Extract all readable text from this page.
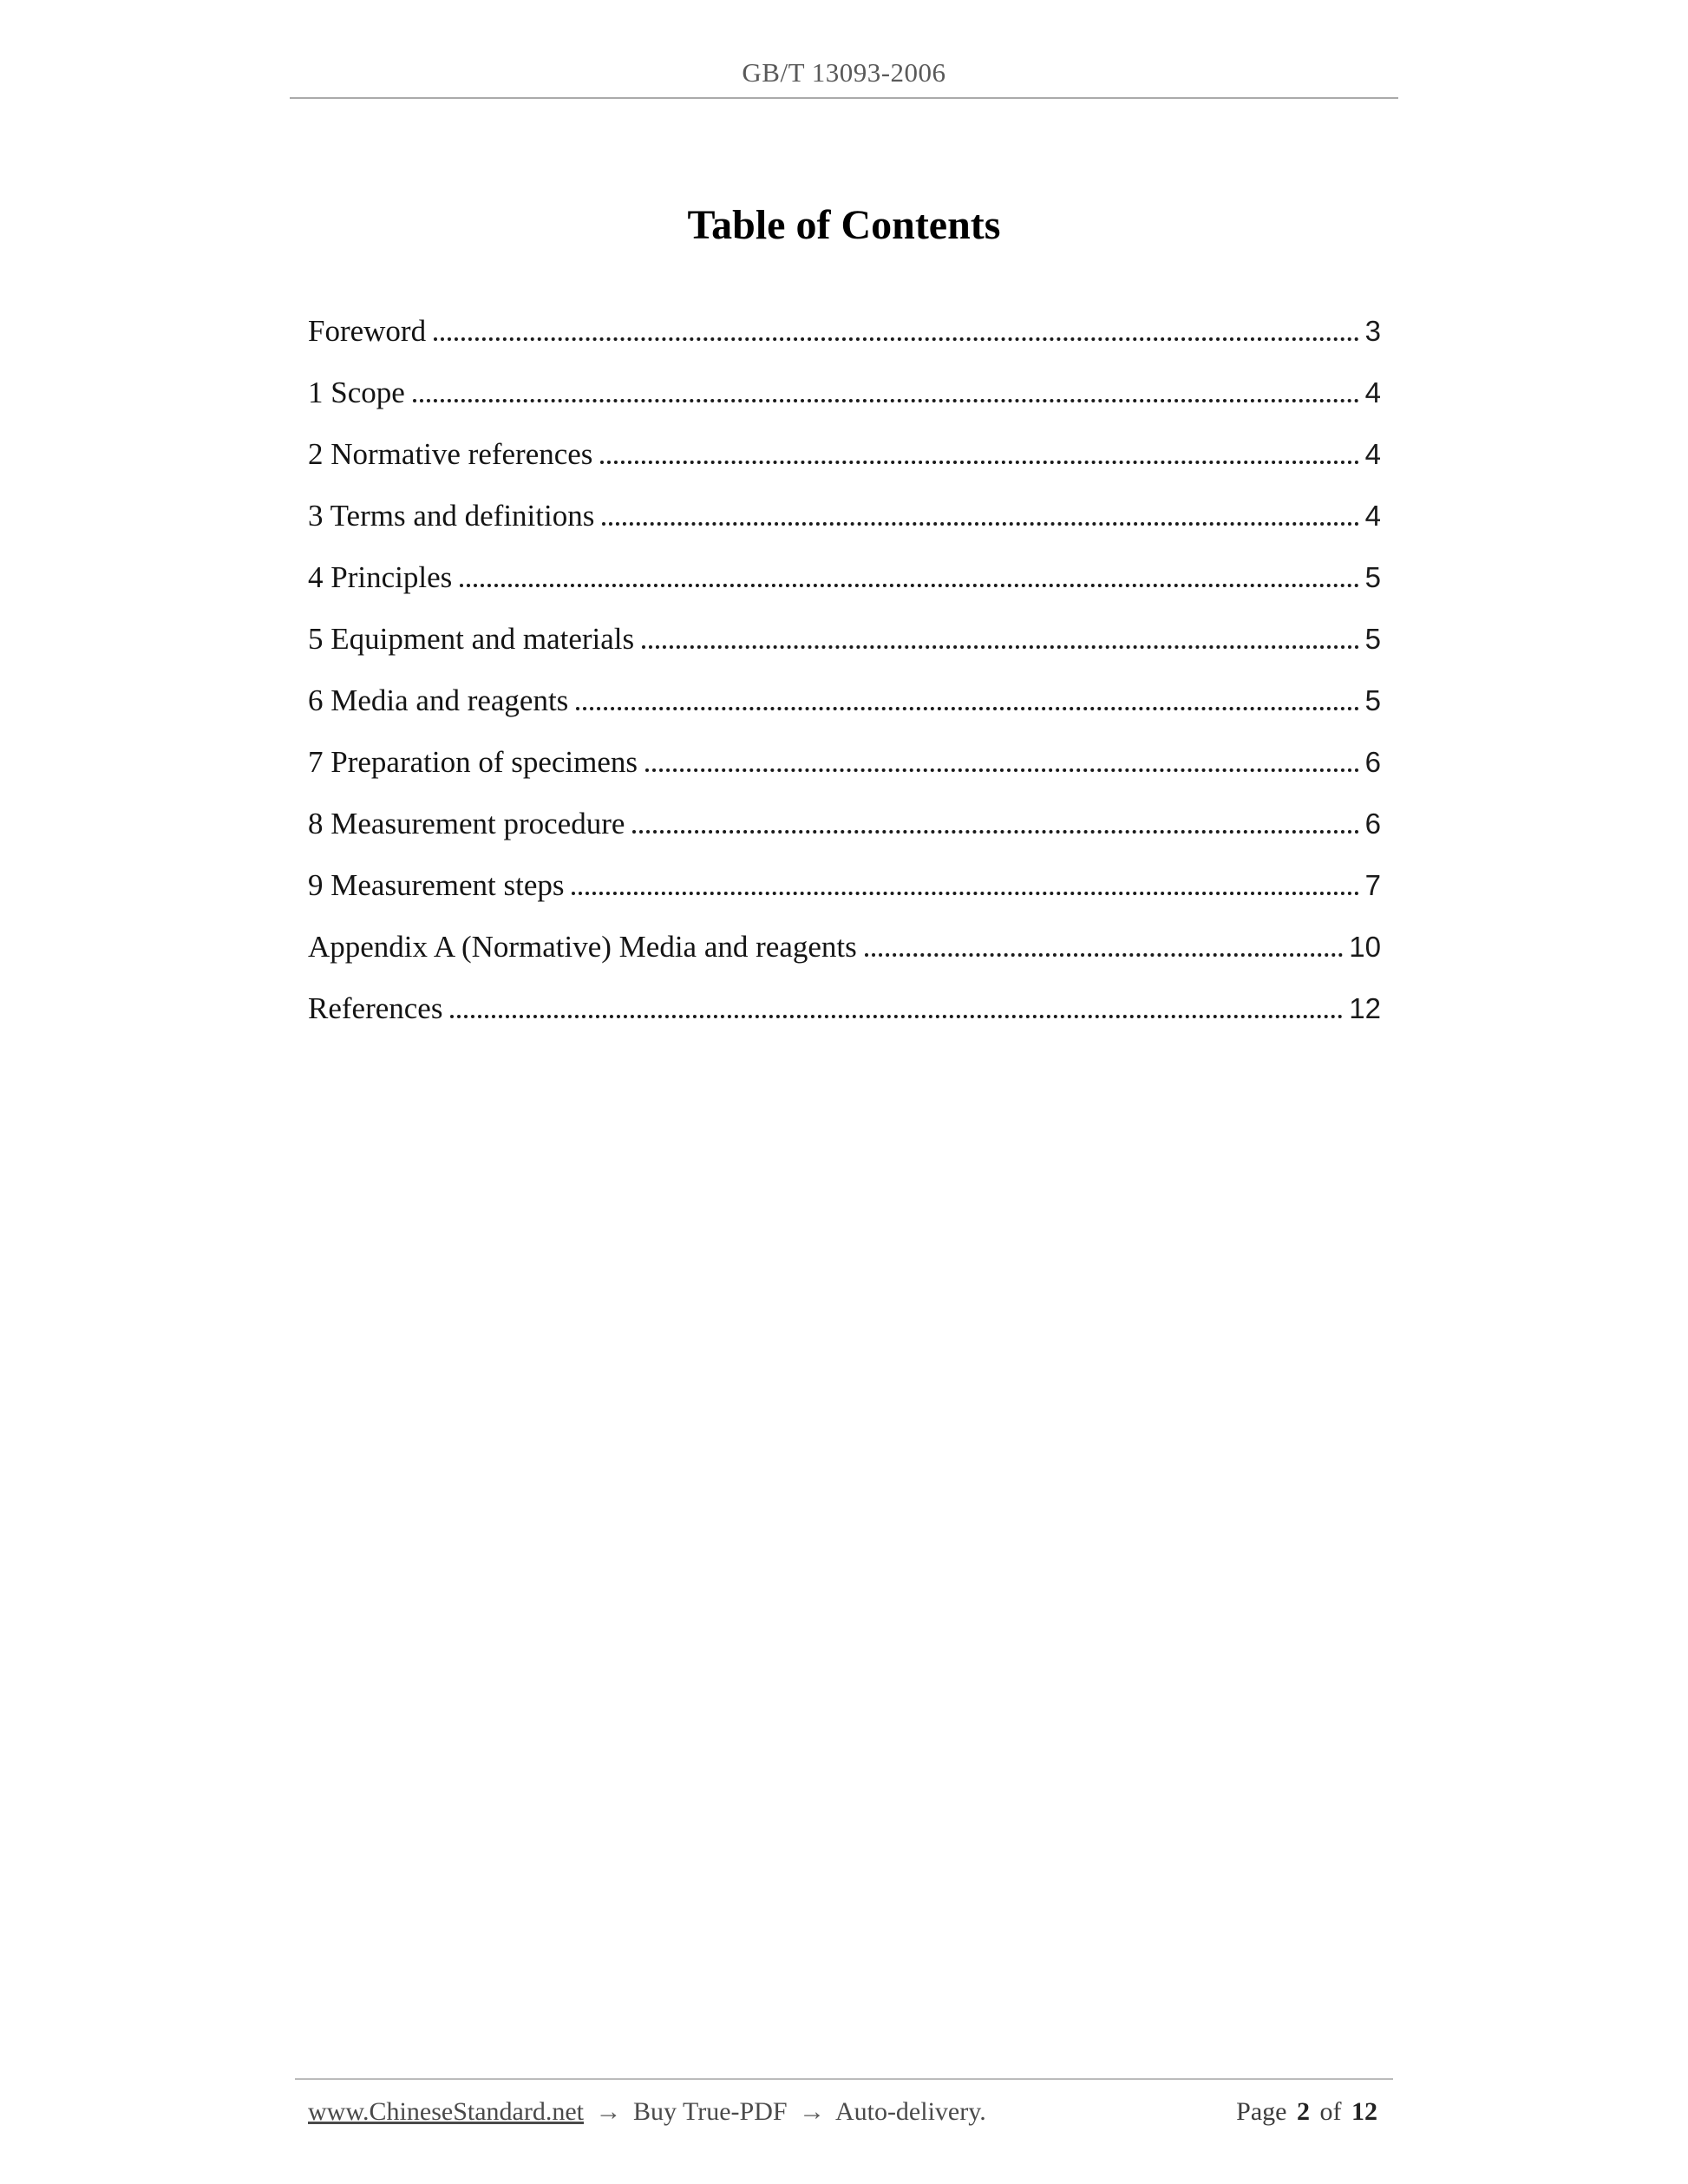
GB/T 13093-2006
Table of Contents
Foreword	3
1 Scope	4
2 Normative references	4
3 Terms and definitions	4
4 Principles	5
5 Equipment and materials	5
6 Media and reagents	5
7 Preparation of specimens	6
8 Measurement procedure	6
9 Measurement steps	7
Appendix A (Normative) Media and reagents	10
References	12
www.ChineseStandard.net → Buy True-PDF → Auto-delivery.	Page 2 of 12
